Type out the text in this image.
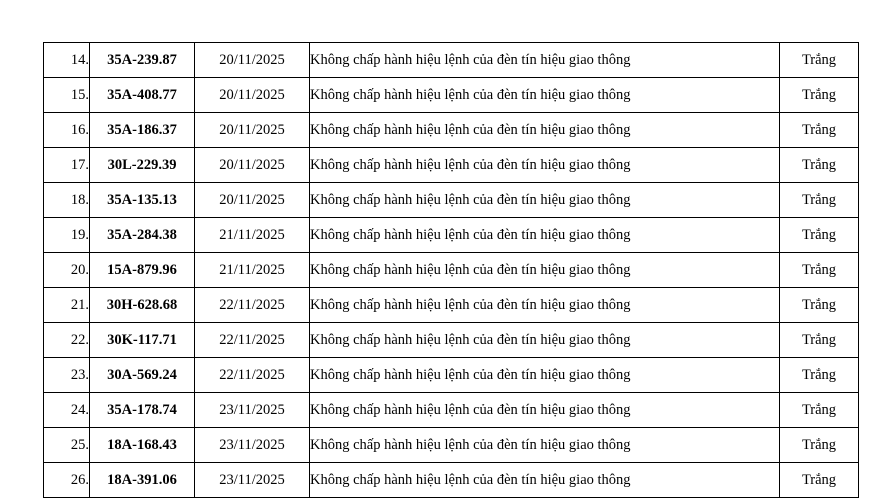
14.	35A-239.87	20/11/2025	Không chấp hành hiệu lệnh của đèn tín hiệu giao thông	Trắng
15.	35A-408.77	20/11/2025	Không chấp hành hiệu lệnh của đèn tín hiệu giao thông	Trắng
16.	35A-186.37	20/11/2025	Không chấp hành hiệu lệnh của đèn tín hiệu giao thông	Trắng
17.	30L-229.39	20/11/2025	Không chấp hành hiệu lệnh của đèn tín hiệu giao thông	Trắng
18.	35A-135.13	20/11/2025	Không chấp hành hiệu lệnh của đèn tín hiệu giao thông	Trắng
19.	35A-284.38	21/11/2025	Không chấp hành hiệu lệnh của đèn tín hiệu giao thông	Trắng
20.	15A-879.96	21/11/2025	Không chấp hành hiệu lệnh của đèn tín hiệu giao thông	Trắng
21.	30H-628.68	22/11/2025	Không chấp hành hiệu lệnh của đèn tín hiệu giao thông	Trắng
22.	30K-117.71	22/11/2025	Không chấp hành hiệu lệnh của đèn tín hiệu giao thông	Trắng
23.	30A-569.24	22/11/2025	Không chấp hành hiệu lệnh của đèn tín hiệu giao thông	Trắng
24.	35A-178.74	23/11/2025	Không chấp hành hiệu lệnh của đèn tín hiệu giao thông	Trắng
25.	18A-168.43	23/11/2025	Không chấp hành hiệu lệnh của đèn tín hiệu giao thông	Trắng
26.	18A-391.06	23/11/2025	Không chấp hành hiệu lệnh của đèn tín hiệu giao thông	Trắng
